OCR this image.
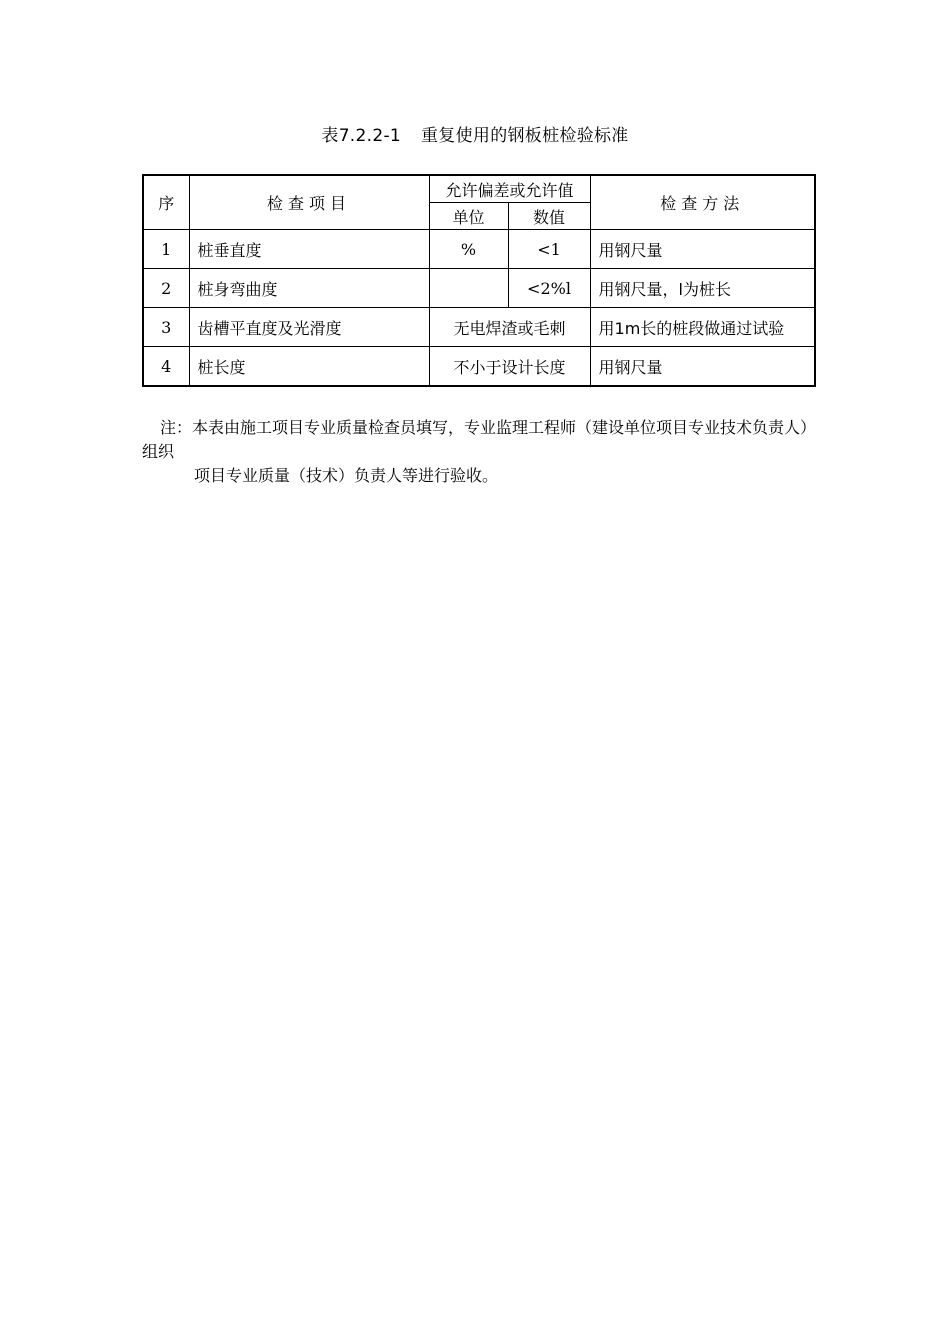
表7.2.2-1 重复使用的钢板桩检验标准
序	检查项目	允许偏差或允许值		检查方法
		单位	数值	
1	桩垂直度	%	<1	用钢尺量
2	桩身弯曲度		<2%l	用钢尺量，l为桩长
3	齿槽平直度及光滑度	无电焊渣或毛刺		用1m长的桩段做通过试验
4	桩长度	不小于设计长度		用钢尺量

注：本表由施工项目专业质量检查员填写，专业监理工程师（建设单位项目专业技术负责人）组织

项目专业质量（技术）负责人等进行验收。
